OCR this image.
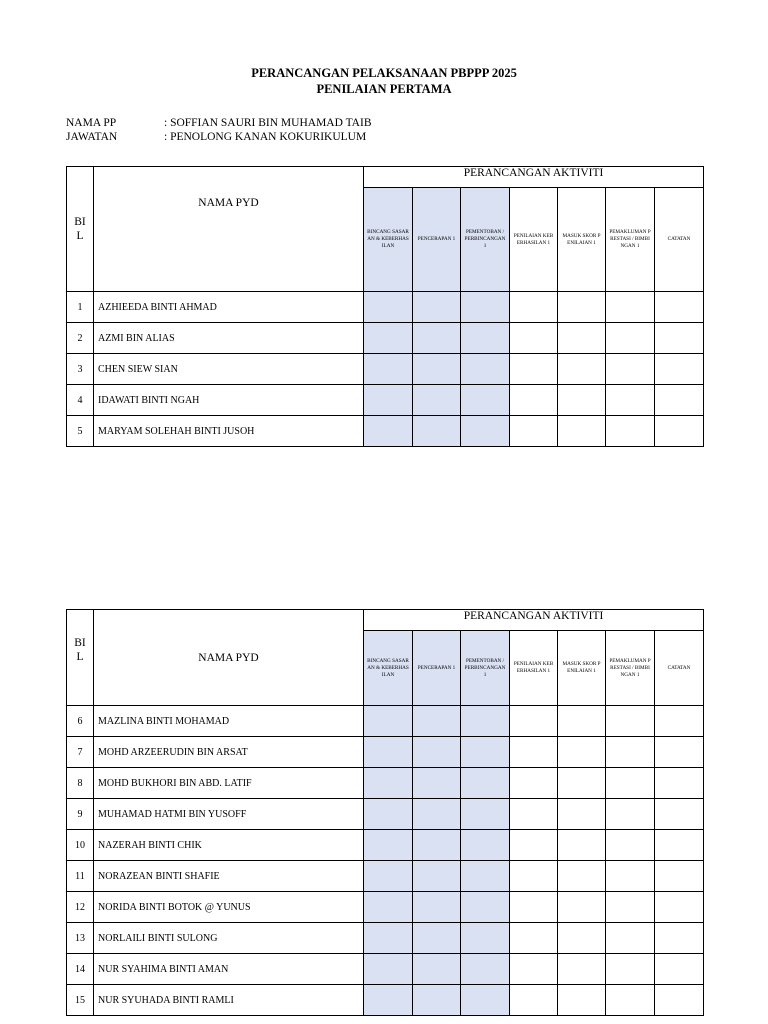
PERANCANGAN PELAKSANAAN PBPPP 2025
PENILAIAN PERTAMA
NAMA PP	: SOFFIAN SAURI BIN MUHAMAD TAIB
JAWATAN	: PENOLONG KANAN KOKURIKULUM
BI
L	NAMA PYD	PERANCANGAN AKTIVITI						
		BINCANG SASARAN & KEBERHASILAN	PENCERAPAN 1	PEMENTOBAN / PERBINCANGAN 1	PENILAIAN KEBERHASILAN 1	MASUK SKOR PENILAIAN 1	PEMAKLUMAN PRESTASI / BIMBINGAN 1	CATATAN
1	AZHIEEDA BINTI AHMAD							
2	AZMI BIN ALIAS							
3	CHEN SIEW SIAN							
4	IDAWATI BINTI NGAH							
5	MARYAM SOLEHAH BINTI JUSOH							
BI
L	NAMA PYD	PERANCANGAN AKTIVITI						
		BINCANG SASARAN & KEBERHASILAN	PENCERAPAN 1	PEMENTOBAN / PERBINCANGAN 1	PENILAIAN KEBERHASILAN 1	MASUK SKOR PENILAIAN 1	PEMAKLUMAN PRESTASI / BIMBINGAN 1	CATATAN
6	MAZLINA BINTI MOHAMAD							
7	MOHD ARZEERUDIN BIN ARSAT							
8	MOHD BUKHORI BIN ABD. LATIF							
9	MUHAMAD HATMI BIN YUSOFF							
10	NAZERAH BINTI CHIK							
11	NORAZEAN BINTI SHAFIE							
12	NORIDA BINTI BOTOK @ YUNUS							
13	NORLAILI BINTI SULONG							
14	NUR SYAHIMA BINTI AMAN							
15	NUR SYUHADA BINTI RAMLI							
